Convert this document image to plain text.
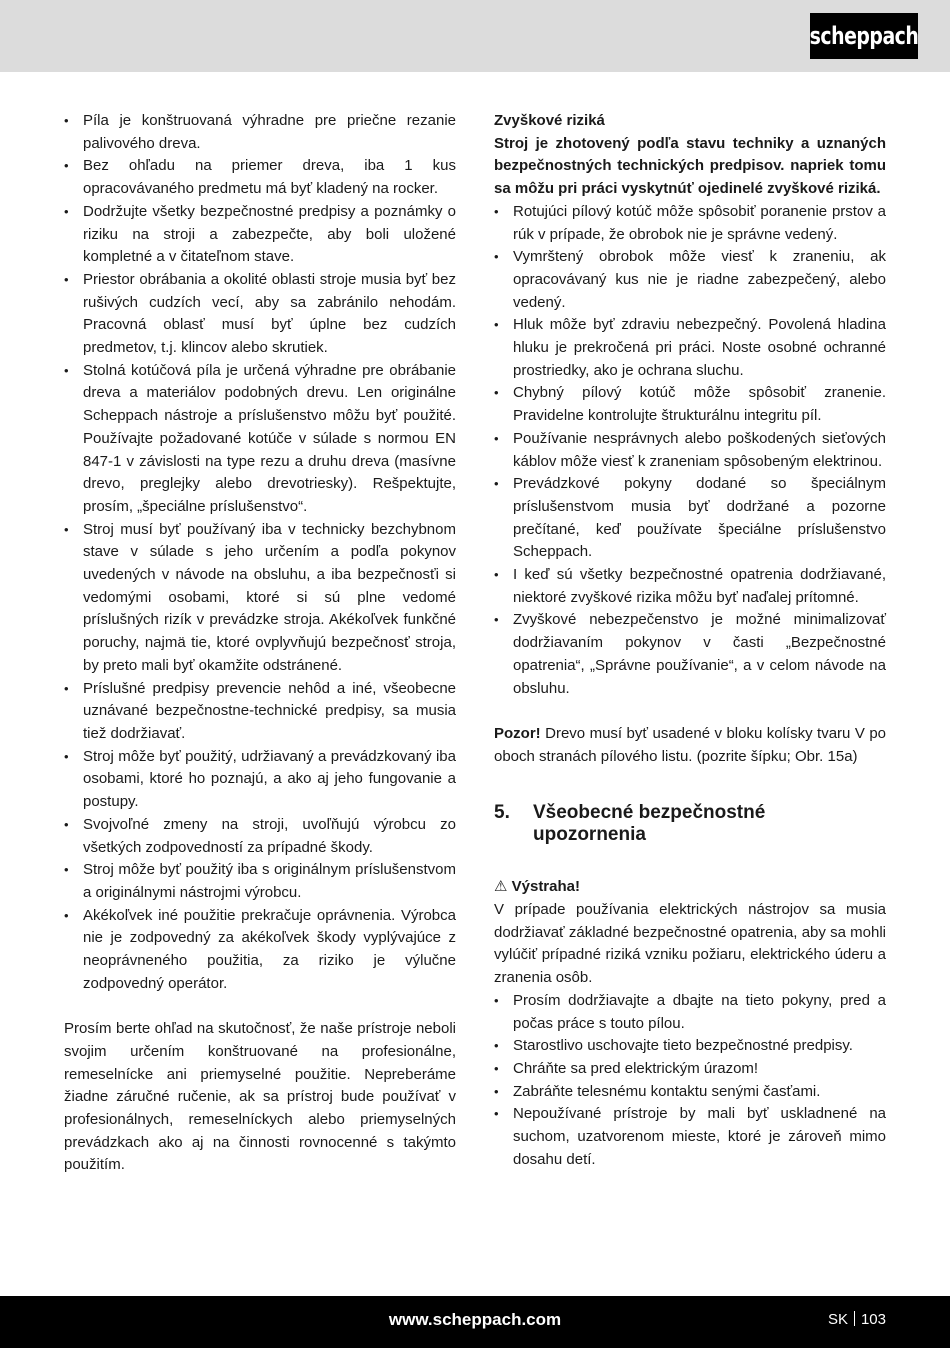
scheppach
• Píla je konštruovaná výhradne pre priečne rezanie palivového dreva.
• Bez ohľadu na priemer dreva, iba 1 kus opracovávaného predmetu má byť kladený na rocker.
• Dodržujte všetky bezpečnostné predpisy a poznámky o riziku na stroji a zabezpečte, aby boli uložené kompletné a v čitateľnom stave.
• Priestor obrábania a okolité oblasti stroje musia byť bez rušivých cudzích vecí, aby sa zabránilo nehodám. Pracovná oblasť musí byť úplne bez cudzích predmetov, t.j. klincov alebo skrutiek.
• Stolná kotúčová píla je určená výhradne pre obrábanie dreva a materiálov podobných drevu. Len originálne Scheppach nástroje a príslušenstvo môžu byť použité. Používajte požadované kotúče v súlade s normou EN 847-1 v závislosti na type rezu a druhu dreva (masívne drevo, preglejky alebo drevotriesky). Rešpektujte, prosím, „špeciálne príslušenstvo“.
• Stroj musí byť používaný iba v technicky bezchybnom stave v súlade s jeho určením a podľa pokynov uvedených v návode na obsluhu, a iba bezpečnosťi si vedomými osobami, ktoré si sú plne vedomé príslušných rizík v prevádzke stroja. Akékoľvek funkčné poruchy, najmä tie, ktoré ovplyvňujú bezpečnosť stroja, by preto mali byť okamžite odstránené.
• Príslušné predpisy prevencie nehôd a iné, všeobecne uznávané bezpečnostne-technické predpisy, sa musia tiež dodržiavať.
• Stroj môže byť použitý, udržiavaný a prevádzkovaný iba osobami, ktoré ho poznajú, a ako aj jeho fungovanie a postupy.
• Svojvoľné zmeny na stroji, uvoľňujú výrobcu zo všetkých zodpovedností za prípadné škody.
• Stroj môže byť použitý iba s originálnym príslušenstvom a originálnymi nástrojmi výrobcu.
• Akékoľvek iné použitie prekračuje oprávnenia. Výrobca nie je zodpovedný za akékoľvek škody vyplývajúce z neoprávneného použitia, za riziko je výlučne zodpovedný operátor.

Prosím berte ohľad na skutočnosť, že naše prístroje neboli svojim určením konštruované na profesionálne, remeselnícke ani priemyselné použitie. Nepreberáme žiadne záručné ručenie, ak sa prístroj bude používať v profesionálnych, remeselníckych alebo priemyselných prevádzkach ako aj na činnosti rovnocenné s takýmto použitím.

Zvyškové riziká

Stroj je zhotovený podľa stavu techniky a uznaných bezpečnostných technických predpisov. napriek tomu sa môžu pri práci vyskytnúť ojedinelé zvyškové riziká.

• Rotujúci pílový kotúč môže spôsobiť poranenie prstov a rúk v prípade, že obrobok nie je správne vedený.
• Vymrštený obrobok môže viesť k zraneniu, ak opracovávaný kus nie je riadne zabezpečený, alebo vedený.
• Hluk môže byť zdraviu nebezpečný. Povolená hladina hluku je prekročená pri práci. Noste osobné ochranné prostriedky, ako je ochrana sluchu.
• Chybný pílový kotúč môže spôsobiť zranenie. Pravidelne kontrolujte štrukturálnu integritu píl.
• Používanie nesprávnych alebo poškodených sieťových káblov môže viesť k zraneniam spôsobeným elektrinou.
• Prevádzkové pokyny dodané so špeciálnym príslušenstvom musia byť dodržané a pozorne prečítané, keď používate špeciálne príslušenstvo Scheppach.
• I keď sú všetky bezpečnostné opatrenia dodržiavané, niektoré zvyškové rizika môžu byť naďalej prítomné.
• Zvyškové nebezpečenstvo je možné minimalizovať dodržiavaním pokynov v časti „Bezpečnostné opatrenia“, „Správne používanie“, a v celom návode na obsluhu.

Pozor! Drevo musí byť usadené v bloku kolísky tvaru V po oboch stranách pílového listu. (pozrite šípku; Obr. 15a)

5.	Všeobecné bezpečnostné upozornenia

⚠ Výstraha!

V prípade používania elektrických nástrojov sa musia dodržiavať základné bezpečnostné opatrenia, aby sa mohli vylúčiť prípadné riziká vzniku požiaru, elektrického úderu a zranenia osôb.

• Prosím dodržiavajte a dbajte na tieto pokyny, pred a počas práce s touto pílou.
• Starostlivo uschovajte tieto bezpečnostné predpisy.
• Chráňte sa pred elektrickým úrazom!
• Zabráňte telesnému kontaktu senými časťami.
• Nepoužívané prístroje by mali byť uskladnené na suchom, uzatvorenom mieste, ktoré je zároveň mimo dosahu detí.
www.scheppach.com	SK 103
